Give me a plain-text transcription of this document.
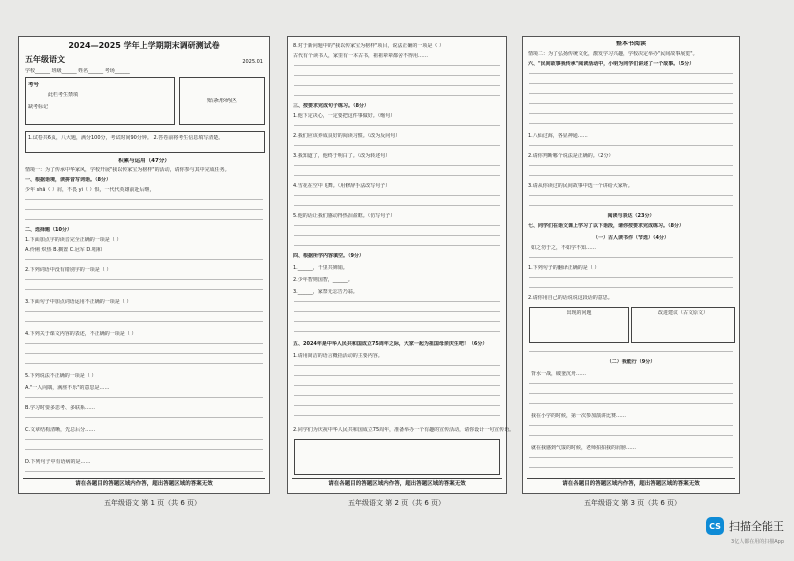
2024—2025 学年上学期期末调研测试卷
五年级语文	2025.01
学校______ 班级______ 姓名______ 考场______
考号
此栏考生禁填
缺考标记
贴条形码区
1.试卷共6页，八大题，满分100分，考试时间90分钟。 2.答卷前将考生信息填写清楚。
积累与运用（47分）
情境一：为了传承中华家风，学校开展"我以传家宝为榜样"的活动，请你参与其中完成任务。
一、根据语境，读拼音写词语。（8分）
少年 shā（ ）肩，不畏 yì（ ）惧，一代代英雄前赴后继，
二、选择题（10分）
1.下面加点字的读音完全正确的一项是（ ）
A.伶俐 炽热 B.搁置 C.冠军 D.唱和
2.下列词语中没有错别字的一项是（ ）
3.下面句子中加点词语运用不正确的一项是（ ）
4.下列关于课文内容的表述，不正确的一项是（ ）
5.下列说法不正确的一项是（ ）
A."一人向隅，满座不乐"的意思是……
B.学习时要多思考、多联系……
C.文章结构清晰，先总后分……
D.下列句子中有语病的是……
请在各题目的答题区域内作答，超出答题区域的答案无效
五年级语文 第 1 页（共 6 页）
8.对于新问题中的"我以传家宝为榜样"项目，说法正确的一项是（ ）
古代有个读书人，家里有一本古书，祖祖辈辈都舍不得用……
三、按要求完成句子练习。（8分）
1.他下定决心，一定要把这件事做好。（缩句）
2.我们应该养成良好的阅读习惯。（改为反问句）
3.我知道了，他终于明白了。（改为转述句）
4.雪花在空中飞舞。（用修辞手法改写句子）
5.他的话让我们感动得热泪盈眶。（仿写句子）
四、根据所学内容填空。（9分）
1.______，千里共婵娟。
2.少年智则国智，______。
3.______，家祭无忘告乃翁。
五、2024年是中华人民共和国成立75周年之际，大家一起为祖国母亲庆生吧！（6分）
1.请用简洁的语言概括活动的主要内容。
2.同学们为庆祝中华人民共和国成立75周年，准备举办一个有趣的宣传活动，请你设计一句宣传语。
请在各题目的答题区域内作答，超出答题区域的答案无效
五年级语文 第 2 页（共 6 页）
整本书阅读
情境二：为了弘扬传统文化，激发学习兴趣，学校决定举办"民间故事展览"。
六、"民间故事我传承"阅读活动中，小明为同学们讲述了一个故事。（5分）
1.八仙过海，各显神通……
2.请你判断哪个说法是正确的。（2分）
3.请从你读过的民间故事中选一个讲给大家听。
阅读与表达（23分）
七、同学们在语文课上学习了以下语段，请你按要求完成练习。（8分）
（一）古人读书作（节选）（4分）
如之勿于之，不如学不知……
1.下列句子的翻译正确的是（ ）
2.请你用自己的话说说这段话的意思。
出现的问题	改进建议（古文原文）
（二）我能行（9分）
背水一战，破釜沉舟……
我在小学的时候，第一次参加演讲比赛……
就在我感到气馁的时候，老师拍拍我的肩膀……
请在各题目的答题区域内作答，超出答题区域的答案无效
五年级语文 第 3 页（共 6 页）
CS 扫描全能王
3亿人都在用的扫描App
